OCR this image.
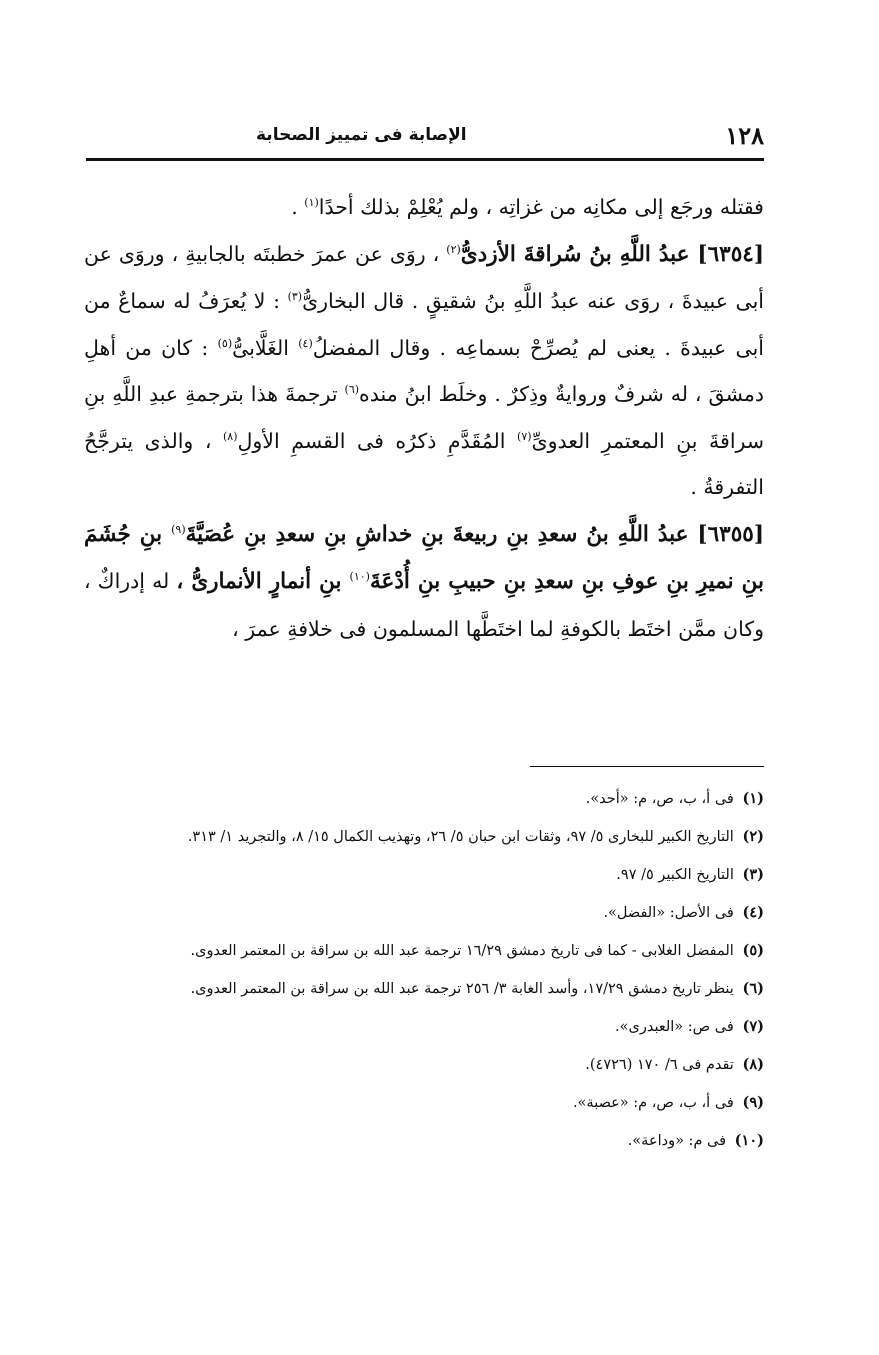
١٢٨
الإصابة فى تمييز الصحابة

فقتله ورجَع إلى مكانِه من غزاتِه ، ولم يُعْلِمْ بذلك أحدًا$^{(١)}$ .

[٦٣٥٤] عبدُ اللَّهِ بنُ سُراقةَ الأزدىُّ$^{(٢)}$ ، روَى عن عمرَ خطبتَه بالجابيةِ ، وروَى عن أبى عبيدةَ ، روَى عنه عبدُ اللَّهِ بنُ شقيقٍ . قال البخارىُّ$^{(٣)}$ : لا يُعرَفُ له سماعٌ من أبى عبيدةَ . يعنى لم يُصرِّحْ بسماعِه . وقال المفضلُ$^{(٤)}$ الغَلَّابىُّ$^{(٥)}$ : كان من أهلِ دمشقَ ، له شرفٌ وروايةٌ وذِكرٌ . وخلَط ابنُ منده$^{(٦)}$ ترجمةَ هذا بترجمةِ عبدِ اللَّهِ بنِ سراقةَ بنِ المعتمرِ العدوىِّ$^{(٧)}$ المُقَدَّمِ ذكرُه فى القسمِ الأولِ$^{(٨)}$ ، والذى يترجَّحُ التفرقةُ .

[٦٣٥٥] عبدُ اللَّهِ بنُ سعدِ بنِ ربيعةَ بنِ خداشِ بنِ سعدِ بنِ عُصَيَّةَ$^{(٩)}$ بنِ جُشَمَ بنِ نميرِ بنِ عوفِ بنِ سعدِ بنِ حبيبِ بنِ أُدْعَةَ$^{(١٠)}$ بنِ أنمارٍ الأنمارىُّ ، له إدراكٌ ، وكان ممَّن اختَط بالكوفةِ لما اختَطَّها المسلمون فى خلافةِ عمرَ ،

(١) فى أ، ب، ص، م: «أحد».

(٢) التاريخ الكبير للبخارى ٥/ ٩٧، وثقات ابن حبان ٥/ ٢٦، وتهذيب الكمال ١٥/ ٨، والتجريد ١/ ٣١٣.

(٣) التاريخ الكبير ٥/ ٩٧.

(٤) فى الأصل: «الفضل».

(٥) المفضل الغلابى - كما فى تاريخ دمشق ١٦/٢٩ ترجمة عبد الله بن سراقة بن المعتمر العدوى.

(٦) ينظر تاريخ دمشق ١٧/٢٩، وأسد الغابة ٣/ ٢٥٦ ترجمة عبد الله بن سراقة بن المعتمر العدوى.

(٧) فى ص: «العبدرى».

(٨) تقدم فى ٦/ ١٧٠ (٤٧٢٦).

(٩) فى أ، ب، ص، م: «عصبة».

(١٠) فى م: «وداعة».
